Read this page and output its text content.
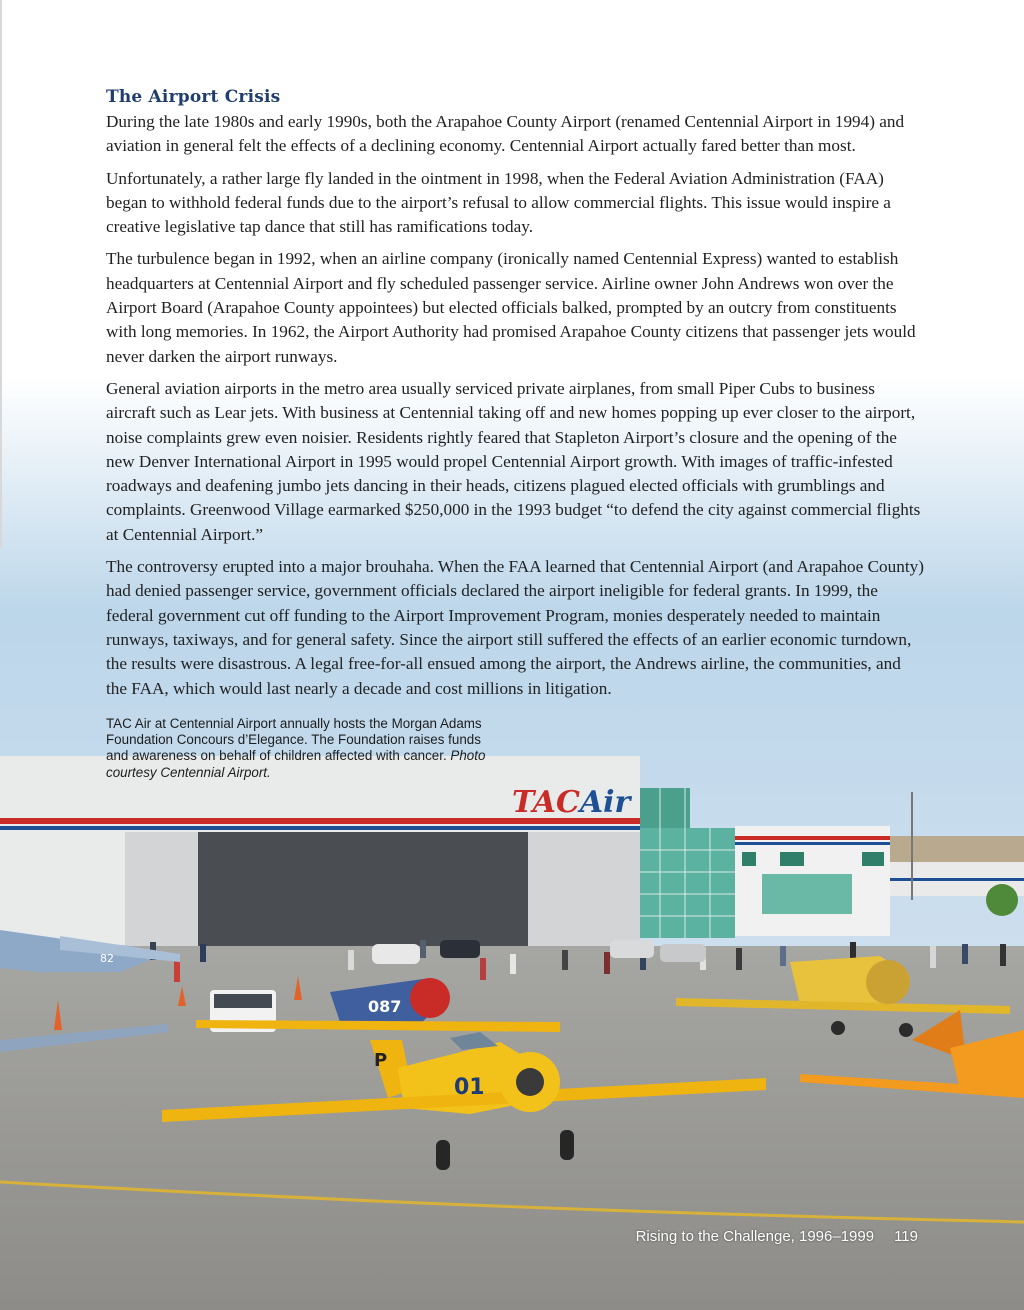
TACAir
82
087
P
01
The Airport Crisis

During the late 1980s and early 1990s, both the Arapahoe County Airport (renamed Centennial Airport in 1994) and aviation in general felt the effects of a declining economy. Centennial Airport actually fared better than most.

Unfortunately, a rather large fly landed in the ointment in 1998, when the Federal Aviation Administration (FAA) began to withhold federal funds due to the airport’s refusal to allow commercial flights. This issue would inspire a creative legislative tap dance that still has ramifications today.

The turbulence began in 1992, when an airline company (ironically named Centennial Express) wanted to establish headquarters at Centennial Airport and fly scheduled passenger service. Airline owner John Andrews won over the Airport Board (Arapahoe County appointees) but elected officials balked, prompted by an outcry from constituents with long memories. In 1962, the Airport Authority had promised Arapahoe County citizens that passenger jets would never darken the airport runways.

General aviation airports in the metro area usually serviced private airplanes, from small Piper Cubs to business aircraft such as Lear jets. With business at Centennial taking off and new homes popping up ever closer to the airport, noise complaints grew even noisier. Residents rightly feared that Stapleton Airport’s closure and the opening of the new Denver International Airport in 1995 would propel Centennial Airport growth. With images of traffic-infested roadways and deafening jumbo jets dancing in their heads, citizens plagued elected officials with grumblings and complaints. Greenwood Village earmarked $250,000 in the 1993 budget “to defend the city against commercial flights at Centennial Airport.”

The controversy erupted into a major brouhaha. When the FAA learned that Centennial Airport (and Arapahoe County) had denied passenger service, government officials declared the airport ineligible for federal grants. In 1999, the federal government cut off funding to the Airport Improvement Program, monies desperately needed to maintain runways, taxiways, and for general safety. Since the airport still suffered the effects of an earlier economic turndown, the results were disastrous. A legal free-for-all ensued among the airport, the Andrews airline, the communities, and the FAA, which would last nearly a decade and cost millions in litigation.

TAC Air at Centennial Airport annually hosts the Morgan Adams Foundation Concours d’Elegance. The Foundation raises funds and awareness on behalf of children affected with cancer. Photo courtesy Centennial Airport.

Rising to the Challenge, 1996–1999 119
